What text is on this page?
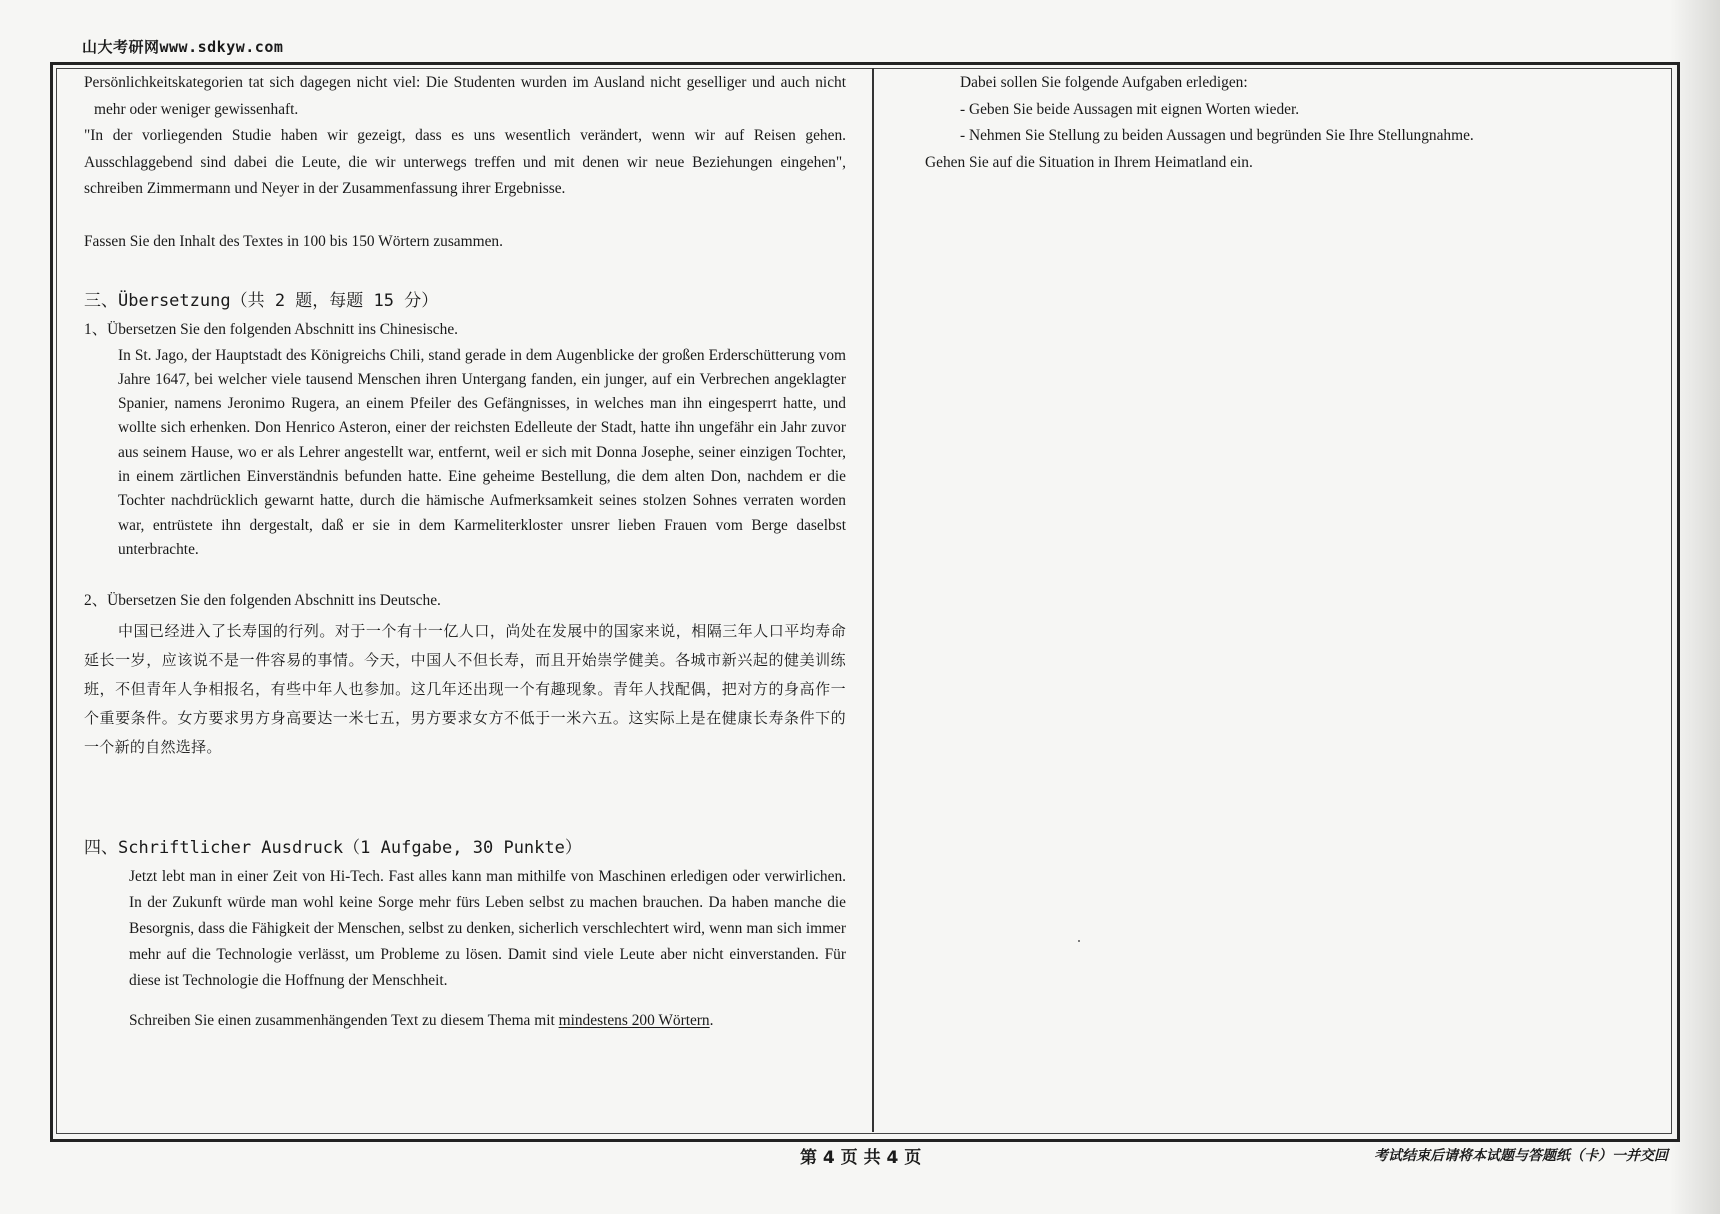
山大考研网www.sdkyw.com

Persönlichkeitskategorien tat sich dagegen nicht viel: Die Studenten wurden im Ausland nicht geselliger und auch nicht mehr oder weniger gewissenhaft.

"In der vorliegenden Studie haben wir gezeigt, dass es uns wesentlich verändert, wenn wir auf Reisen gehen. Ausschlaggebend sind dabei die Leute, die wir unterwegs treffen und mit denen wir neue Beziehungen eingehen", schreiben Zimmermann und Neyer in der Zusammenfassung ihrer Ergebnisse.

Fassen Sie den Inhalt des Textes in 100 bis 150 Wörtern zusammen.

三、Übersetzung（共 2 题，每题 15 分）

1、Übersetzen Sie den folgenden Abschnitt ins Chinesische.

In St. Jago, der Hauptstadt des Königreichs Chili, stand gerade in dem Augenblicke der großen Erderschütterung vom Jahre 1647, bei welcher viele tausend Menschen ihren Untergang fanden, ein junger, auf ein Verbrechen angeklagter Spanier, namens Jeronimo Rugera, an einem Pfeiler des Gefängnisses, in welches man ihn eingesperrt hatte, und wollte sich erhenken. Don Henrico Asteron, einer der reichsten Edelleute der Stadt, hatte ihn ungefähr ein Jahr zuvor aus seinem Hause, wo er als Lehrer angestellt war, entfernt, weil er sich mit Donna Josephe, seiner einzigen Tochter, in einem zärtlichen Einverständnis befunden hatte. Eine geheime Bestellung, die dem alten Don, nachdem er die Tochter nachdrücklich gewarnt hatte, durch die hämische Aufmerksamkeit seines stolzen Sohnes verraten worden war, entrüstete ihn dergestalt, daß er sie in dem Karmeliterkloster unsrer lieben Frauen vom Berge daselbst unterbrachte.

2、Übersetzen Sie den folgenden Abschnitt ins Deutsche.

中国已经进入了长寿国的行列。对于一个有十一亿人口，尚处在发展中的国家来说，相隔三年人口平均寿命延长一岁，应该说不是一件容易的事情。今天，中国人不但长寿，而且开始崇学健美。各城市新兴起的健美训练班，不但青年人争相报名，有些中年人也参加。这几年还出现一个有趣现象。青年人找配偶，把对方的身高作一个重要条件。女方要求男方身高要达一米七五，男方要求女方不低于一米六五。这实际上是在健康长寿条件下的一个新的自然选择。

四、Schriftlicher Ausdruck（1 Aufgabe, 30 Punkte）

Jetzt lebt man in einer Zeit von Hi-Tech. Fast alles kann man mithilfe von Maschinen erledigen oder verwirlichen. In der Zukunft würde man wohl keine Sorge mehr fürs Leben selbst zu machen brauchen. Da haben manche die Besorgnis, dass die Fähigkeit der Menschen, selbst zu denken, sicherlich verschlechtert wird, wenn man sich immer mehr auf die Technologie verlässt, um Probleme zu lösen. Damit sind viele Leute aber nicht einverstanden. Für diese ist Technologie die Hoffnung der Menschheit.

Schreiben Sie einen zusammenhängenden Text zu diesem Thema mit mindestens 200 Wörtern.

Dabei sollen Sie folgende Aufgaben erledigen:

- Geben Sie beide Aussagen mit eignen Worten wieder.

- Nehmen Sie Stellung zu beiden Aussagen und begründen Sie Ihre Stellungnahme.

Gehen Sie auf die Situation in Ihrem Heimatland ein.

第 4 页 共 4 页	考试结束后请将本试题与答题纸（卡）一并交回
